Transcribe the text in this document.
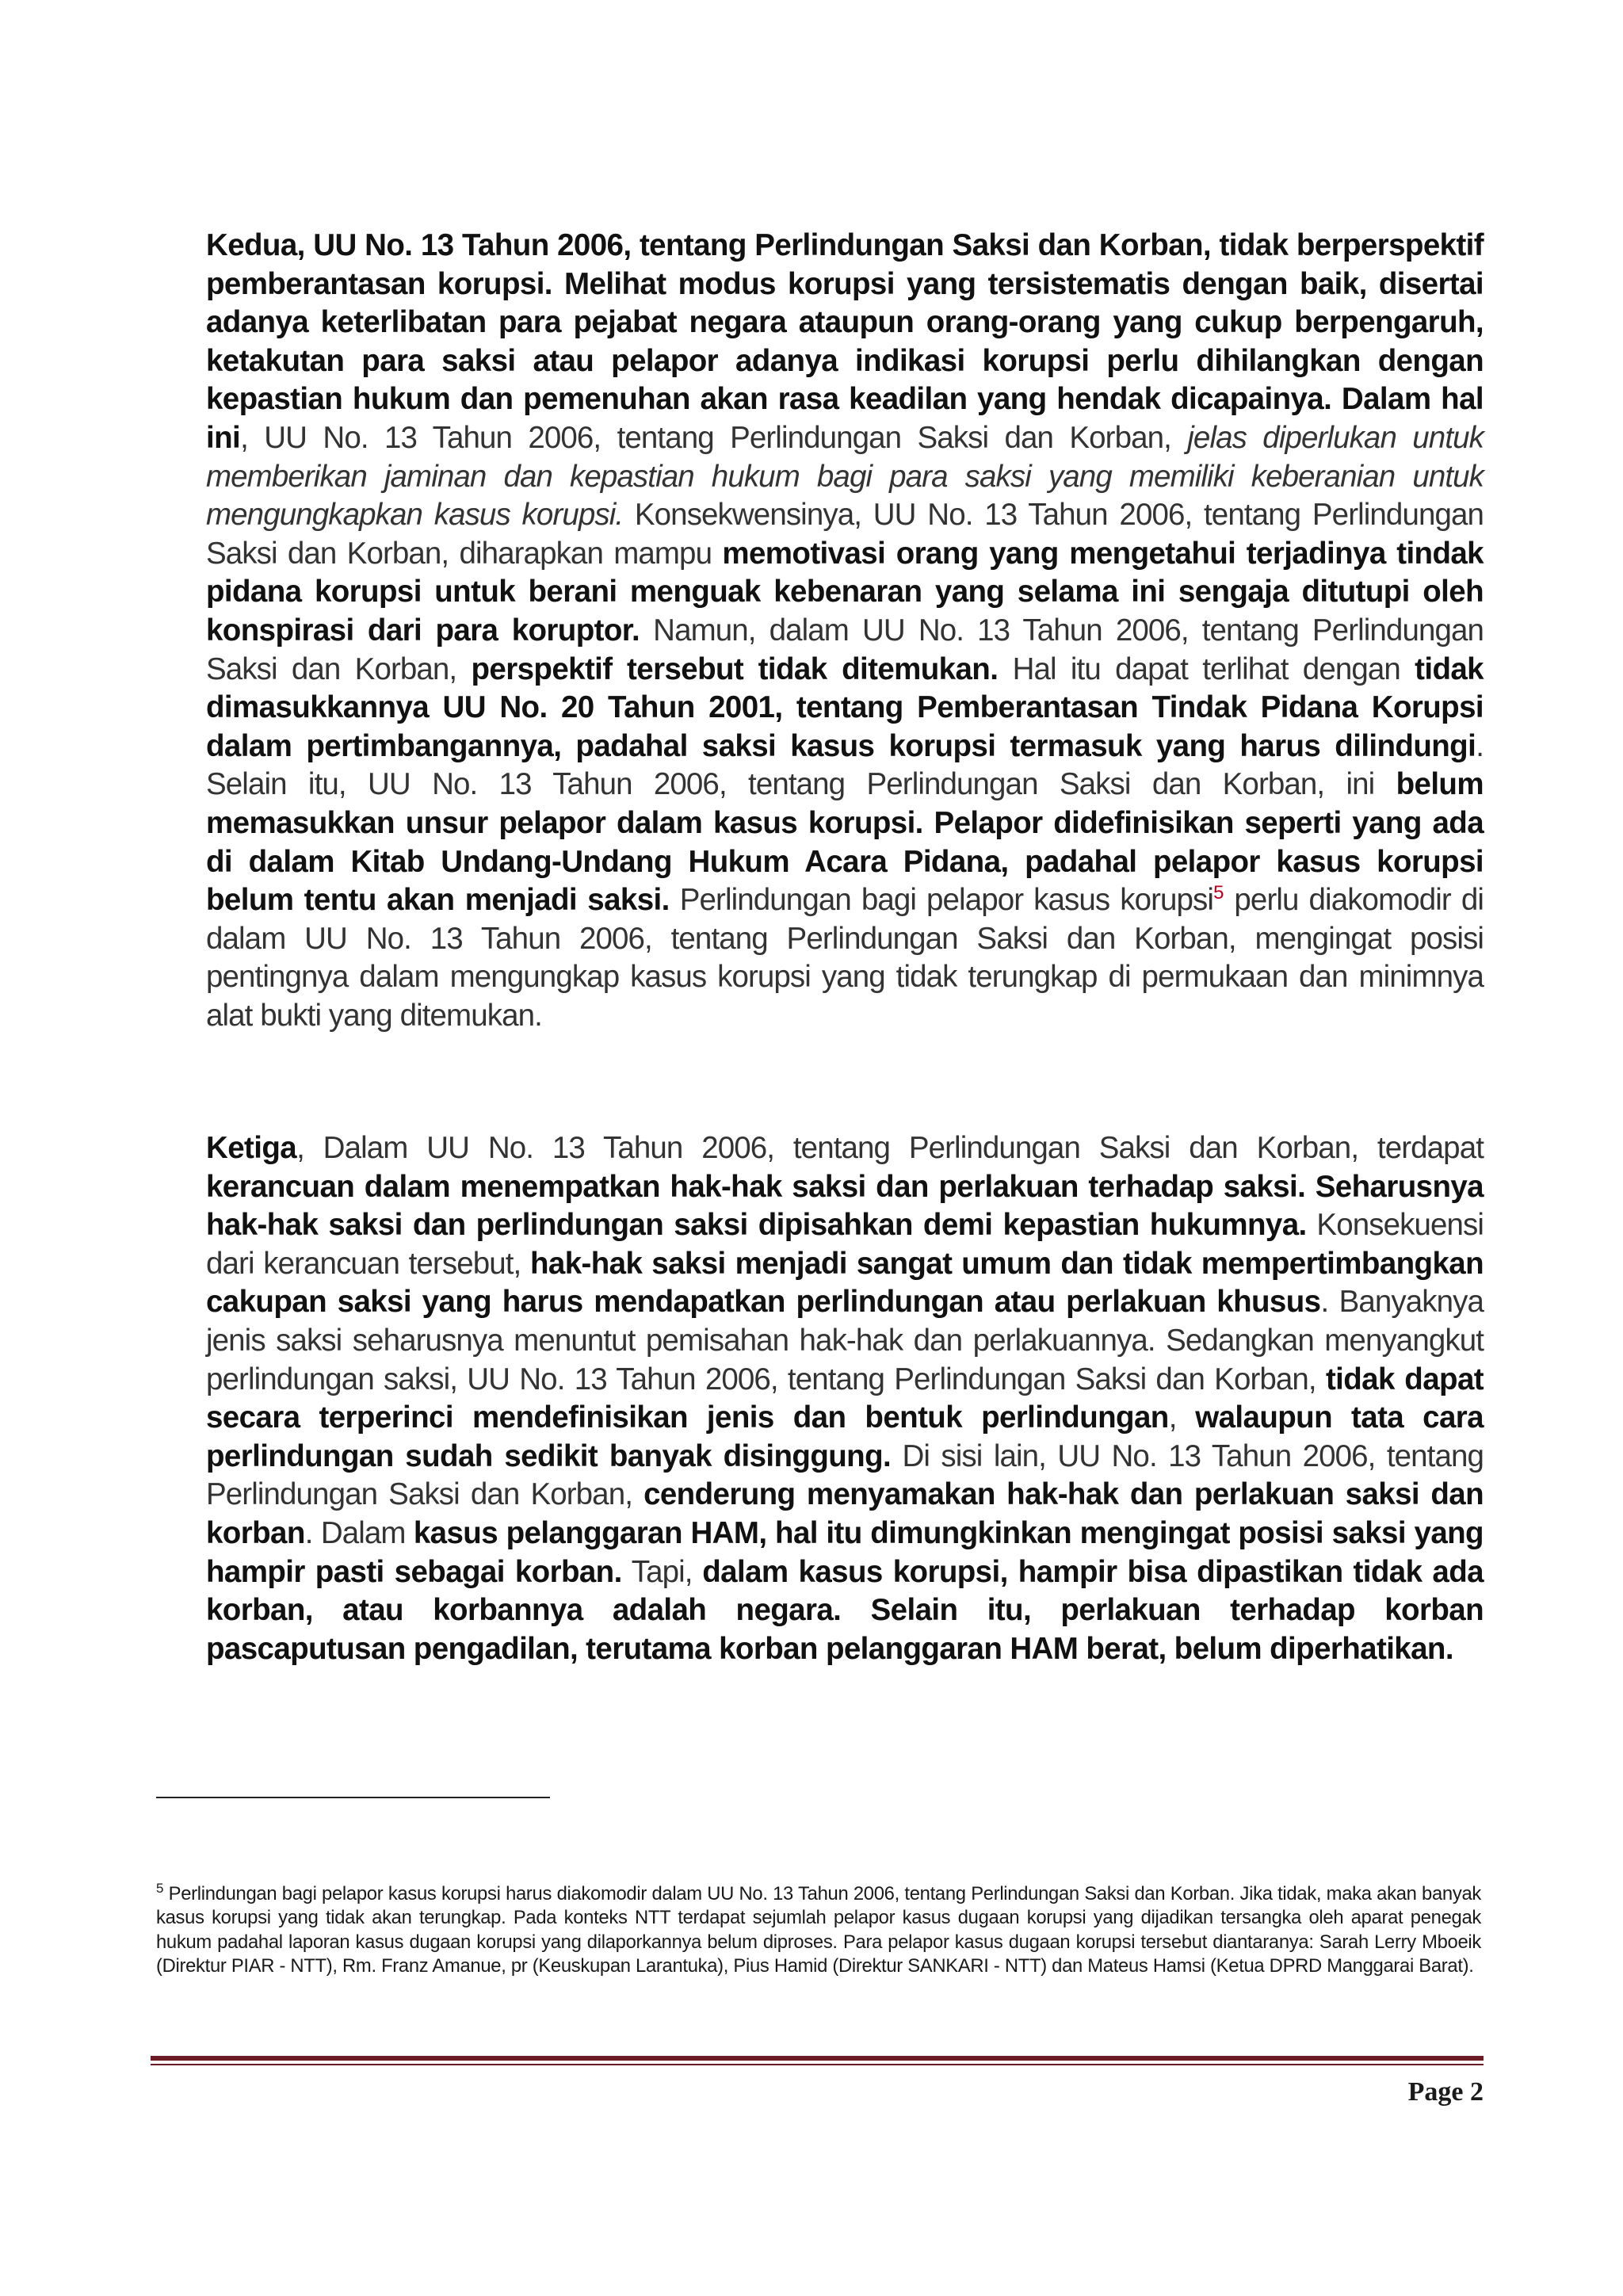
Kedua, UU No. 13 Tahun 2006, tentang Perlindungan Saksi dan Korban, tidak berperspektif pemberantasan korupsi. Melihat modus korupsi yang tersistematis dengan baik, disertai adanya keterlibatan para pejabat negara ataupun orang-orang yang cukup berpengaruh, ketakutan para saksi atau pelapor adanya indikasi korupsi perlu dihilangkan dengan kepastian hukum dan pemenuhan akan rasa keadilan yang hendak dicapainya. Dalam hal ini, UU No. 13 Tahun 2006, tentang Perlindungan Saksi dan Korban, jelas diperlukan untuk memberikan jaminan dan kepastian hukum bagi para saksi yang memiliki keberanian untuk mengungkapkan kasus korupsi. Konsekwensinya, UU No. 13 Tahun 2006, tentang Perlindungan Saksi dan Korban, diharapkan mampu memotivasi orang yang mengetahui terjadinya tindak pidana korupsi untuk berani menguak kebenaran yang selama ini sengaja ditutupi oleh konspirasi dari para koruptor. Namun, dalam UU No. 13 Tahun 2006, tentang Perlindungan Saksi dan Korban, perspektif tersebut tidak ditemukan. Hal itu dapat terlihat dengan tidak dimasukkannya UU No. 20 Tahun 2001, tentang Pemberantasan Tindak Pidana Korupsi dalam pertimbangannya, padahal saksi kasus korupsi termasuk yang harus dilindungi. Selain itu, UU No. 13 Tahun 2006, tentang Perlindungan Saksi dan Korban, ini belum memasukkan unsur pelapor dalam kasus korupsi. Pelapor didefinisikan seperti yang ada di dalam Kitab Undang-Undang Hukum Acara Pidana, padahal pelapor kasus korupsi belum tentu akan menjadi saksi. Perlindungan bagi pelapor kasus korupsi$^5$ perlu diakomodir di dalam UU No. 13 Tahun 2006, tentang Perlindungan Saksi dan Korban, mengingat posisi pentingnya dalam mengungkap kasus korupsi yang tidak terungkap di permukaan dan minimnya alat bukti yang ditemukan.

Ketiga, Dalam UU No. 13 Tahun 2006, tentang Perlindungan Saksi dan Korban, terdapat kerancuan dalam menempatkan hak-hak saksi dan perlakuan terhadap saksi. Seharusnya hak-hak saksi dan perlindungan saksi dipisahkan demi kepastian hukumnya. Konsekuensi dari kerancuan tersebut, hak-hak saksi menjadi sangat umum dan tidak mempertimbangkan cakupan saksi yang harus mendapatkan perlindungan atau perlakuan khusus. Banyaknya jenis saksi seharusnya menuntut pemisahan hak-hak dan perlakuannya. Sedangkan menyangkut perlindungan saksi, UU No. 13 Tahun 2006, tentang Perlindungan Saksi dan Korban, tidak dapat secara terperinci mendefinisikan jenis dan bentuk perlindungan, walaupun tata cara perlindungan sudah sedikit banyak disinggung. Di sisi lain, UU No. 13 Tahun 2006, tentang Perlindungan Saksi dan Korban, cenderung menyamakan hak-hak dan perlakuan saksi dan korban. Dalam kasus pelanggaran HAM, hal itu dimungkinkan mengingat posisi saksi yang hampir pasti sebagai korban. Tapi, dalam kasus korupsi, hampir bisa dipastikan tidak ada korban, atau korbannya adalah negara. Selain itu, perlakuan terhadap korban pascaputusan pengadilan, terutama korban pelanggaran HAM berat, belum diperhatikan.

$^5$ Perlindungan bagi pelapor kasus korupsi harus diakomodir dalam UU No. 13 Tahun 2006, tentang Perlindungan Saksi dan Korban. Jika tidak, maka akan banyak kasus korupsi yang tidak akan terungkap. Pada konteks NTT terdapat sejumlah pelapor kasus dugaan korupsi yang dijadikan tersangka oleh aparat penegak hukum padahal laporan kasus dugaan korupsi yang dilaporkannya belum diproses. Para pelapor kasus dugaan korupsi tersebut diantaranya: Sarah Lerry Mboeik (Direktur PIAR - NTT), Rm. Franz Amanue, pr (Keuskupan Larantuka), Pius Hamid (Direktur SANKARI - NTT) dan Mateus Hamsi (Ketua DPRD Manggarai Barat).

Page 2
